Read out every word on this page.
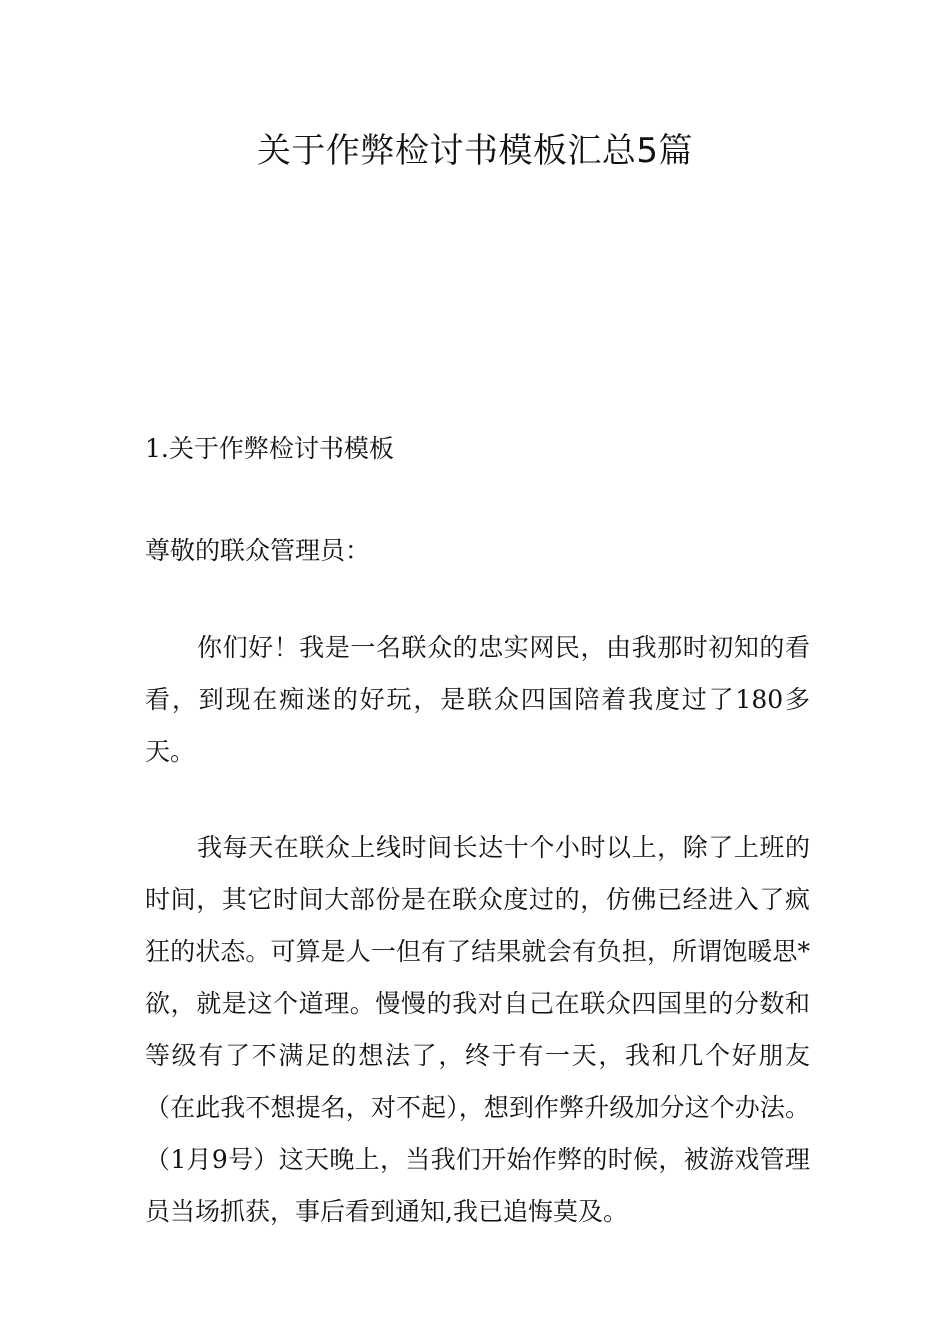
关于作弊检讨书模板汇总5篇

1.关于作弊检讨书模板

尊敬的联众管理员：

你们好！我是一名联众的忠实网民，由我那时初知的看看，到现在痴迷的好玩，是联众四国陪着我度过了180多天。

我每天在联众上线时间长达十个小时以上，除了上班的时间，其它时间大部份是在联众度过的，仿佛已经进入了疯狂的状态。可算是人一但有了结果就会有负担，所谓饱暖思*欲，就是这个道理。慢慢的我对自己在联众四国里的分数和等级有了不满足的想法了，终于有一天，我和几个好朋友（在此我不想提名，对不起），想到作弊升级加分这个办法。（1月9号）这天晚上，当我们开始作弊的时候，被游戏管理员当场抓获，事后看到通知,我已追悔莫及。
